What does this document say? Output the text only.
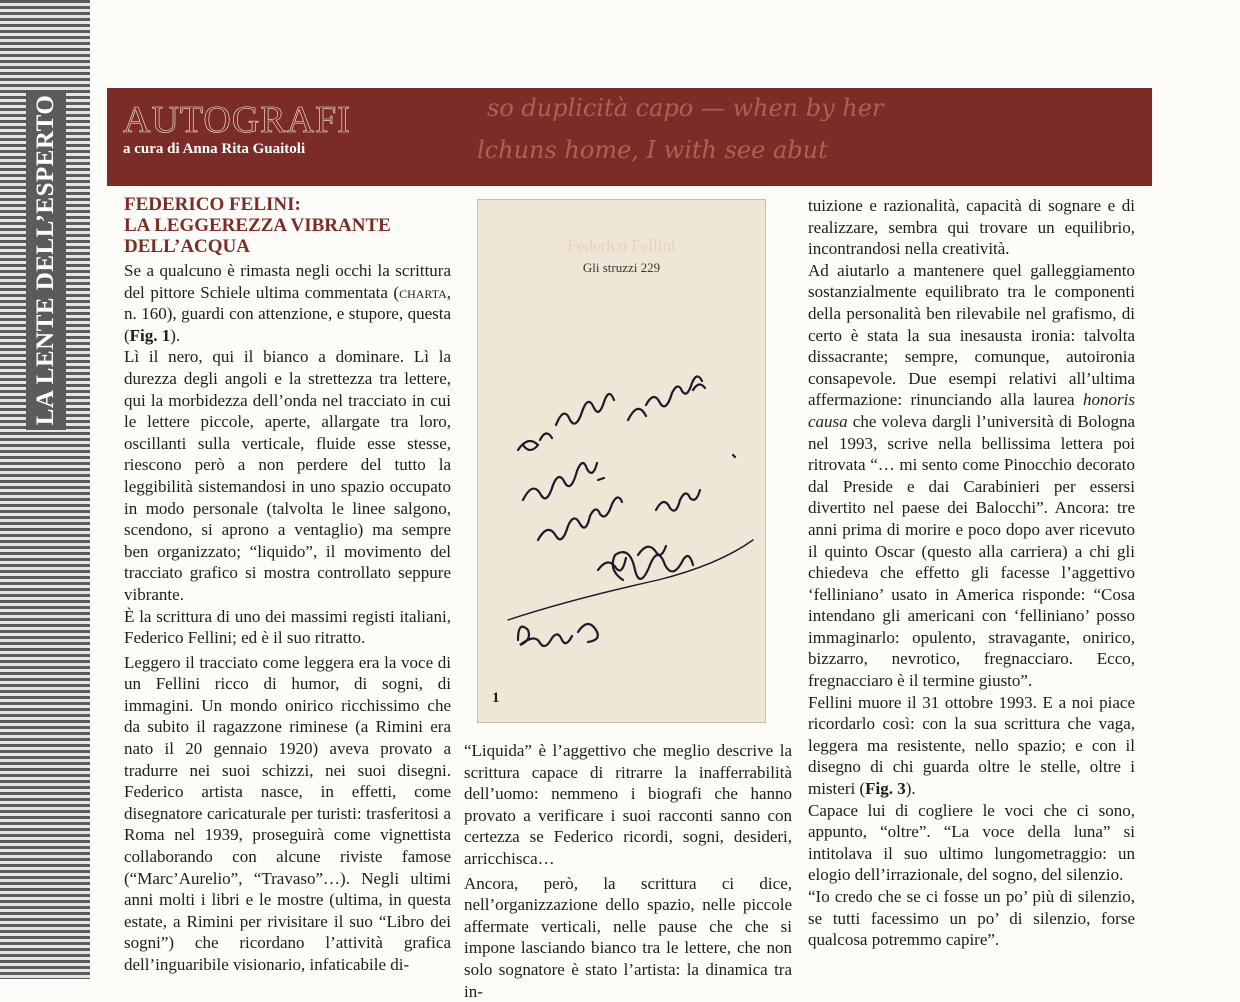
LA LENTE DELL’ESPERTO	so duplicità capo — when by her
lchuns home, I with see abut
AUTOGRAFI
a cura di Anna Rita Guaitoli
FEDERICO FELINI:
LA LEGGEREZZA VIBRANTE
DELL’ACQUA

Se a qualcuno è rimasta negli occhi la scrittura del pittore Schiele ultima commentata (charta, n. 160), guardi con attenzione, e stupore, questa (Fig. 1).

Lì il nero, qui il bianco a dominare. Lì la durezza degli angoli e la strettezza tra lettere, qui la morbidezza dell’onda nel tracciato in cui le lettere piccole, aperte, allargate tra loro, oscillanti sulla verticale, fluide esse stesse, riescono però a non perdere del tutto la leggibilità sistemandosi in uno spazio occupato in modo personale (talvolta le linee salgono, scendono, si aprono a ventaglio) ma sempre ben organizzato; “liquido”, il movimento del tracciato grafico si mostra controllato seppure vibrante.

È la scrittura di uno dei massimi registi italiani, Federico Fellini; ed è il suo ritratto.

Leggero il tracciato come leggera era la voce di un Fellini ricco di humor, di sogni, di immagini. Un mondo onirico ricchissimo che da subito il ragazzone riminese (a Rimini era nato il 20 gennaio 1920) aveva provato a tradurre nei suoi schizzi, nei suoi disegni. Federico artista nasce, in effetti, come disegnatore caricaturale per turisti: trasferitosi a Roma nel 1939, proseguirà come vignettista collaborando con alcune riviste famose (“Marc’Aurelio”, “Travaso”…). Negli ultimi anni molti i libri e le mostre (ultima, in questa estate, a Rimini per rivisitare il suo “Libro dei sogni”) che ricordano l’attività grafica dell’inguaribile visionario, infaticabile di-

Federico Fellini
Gli struzzi 229
1

“Liquida” è l’aggettivo che meglio descrive la scrittura capace di ritrarre la inafferrabilità dell’uomo: nemmeno i biografi che hanno provato a verificare i suoi racconti sanno con certezza se Federico ricordi, sogni, desideri, arricchisca…

Ancora, però, la scrittura ci dice, nell’organizzazione dello spazio, nelle piccole affermate verticali, nelle pause che che si impone lasciando bianco tra le lettere, che non solo sognatore è stato l’artista: la dinamica tra in-

tuizione e razionalità, capacità di sognare e di realizzare, sembra qui trovare un equilibrio, incontrandosi nella creatività.

Ad aiutarlo a mantenere quel galleggiamento sostanzialmente equilibrato tra le componenti della personalità ben rilevabile nel grafismo, di certo è stata la sua inesausta ironia: talvolta dissacrante; sempre, comunque, autoironia consapevole. Due esempi relativi all’ultima affermazione: rinunciando alla laurea honoris causa che voleva dargli l’università di Bologna nel 1993, scrive nella bellissima lettera poi ritrovata “… mi sento come Pinocchio decorato dal Preside e dai Carabinieri per essersi divertito nel paese dei Balocchi”. Ancora: tre anni prima di morire e poco dopo aver ricevuto il quinto Oscar (questo alla carriera) a chi gli chiedeva che effetto gli facesse l’aggettivo ‘felliniano’ usato in America risponde: “Cosa intendano gli americani con ‘felliniano’ posso immaginarlo: opulento, stravagante, onirico, bizzarro, nevrotico, fregnacciaro. Ecco, fregnacciaro è il termine giusto”.

Fellini muore il 31 ottobre 1993. E a noi piace ricordarlo così: con la sua scrittura che vaga, leggera ma resistente, nello spazio; e con il disegno di chi guarda oltre le stelle, oltre i misteri (Fig. 3).

Capace lui di cogliere le voci che ci sono, appunto, “oltre”. “La voce della luna” si intitolava il suo ultimo lungometraggio: un elogio dell’irrazionale, del sogno, del silenzio.

“Io credo che se ci fosse un po’ più di silenzio, se tutti facessimo un po’ di silenzio, forse qualcosa potremmo capire”.
